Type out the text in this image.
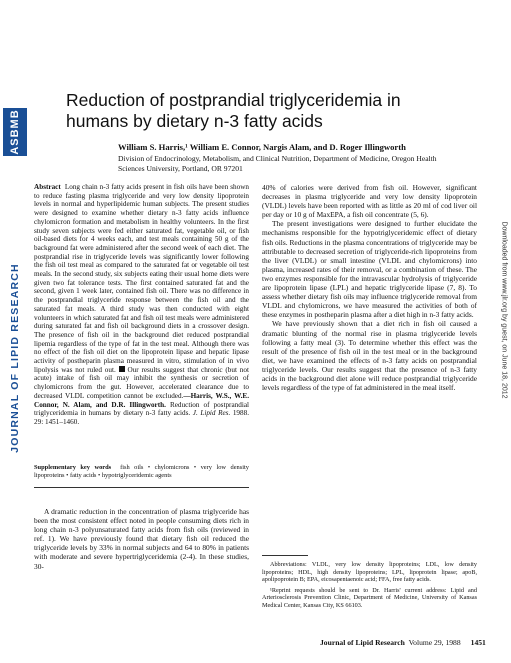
ASBMB
JOURNAL OF LIPID RESEARCH	Downloaded from www.jlr.org by guest, on June 18, 2012
Reduction of postprandial triglyceridemia in humans by dietary n-3 fatty acids
William S. Harris,¹ William E. Connor, Nargis Alam, and D. Roger Illingworth
Division of Endocrinology, Metabolism, and Clinical Nutrition, Department of Medicine, Oregon Health Sciences University, Portland, OR 97201

Abstract Long chain n-3 fatty acids present in fish oils have been shown to reduce fasting plasma triglyceride and very low density lipoprotein levels in normal and hyperlipidemic human subjects. The present studies were designed to examine whether dietary n-3 fatty acids influence chylomicron formation and metabolism in healthy volunteers. In the first study seven subjects were fed either saturated fat, vegetable oil, or fish oil-based diets for 4 weeks each, and test meals containing 50 g of the background fat were administered after the second week of each diet. The postprandial rise in triglyceride levels was significantly lower following the fish oil test meal as compared to the saturated fat or vegetable oil test meals. In the second study, six subjects eating their usual home diets were given two fat tolerance tests. The first contained saturated fat and the second, given 1 week later, contained fish oil. There was no difference in the postprandial triglyceride response between the fish oil and the saturated fat meals. A third study was then conducted with eight volunteers in which saturated fat and fish oil test meals were administered during saturated fat and fish oil background diets in a crossover design. The presence of fish oil in the background diet reduced postprandial lipemia regardless of the type of fat in the test meal. Although there was no effect of the fish oil diet on the lipoprotein lipase and hepatic lipase activity of postheparin plasma measured in vitro, stimulation of in vivo lipolysis was not ruled out. Our results suggest that chronic (but not acute) intake of fish oil may inhibit the synthesis or secretion of chylomicrons from the gut. However, accelerated clearance due to decreased VLDL competition cannot be excluded.—Harris, W.S., W.E. Connor, N. Alam, and D.R. Illingworth. Reduction of postprandial triglyceridemia in humans by dietary n-3 fatty acids. J. Lipid Res. 1988. 29: 1451–1460.

Supplementary key words fish oils • chylomicrons • very low density lipoproteins • fatty acids • hypotriglyceridemic agents

A dramatic reduction in the concentration of plasma triglyceride has been the most consistent effect noted in people consuming diets rich in long chain n-3 polyunsaturated fatty acids from fish oils (reviewed in ref. 1). We have previously found that dietary fish oil reduced the triglyceride levels by 33% in normal subjects and 64 to 80% in patients with moderate and severe hypertriglyceridemia (2-4). In these studies, 30-

40% of calories were derived from fish oil. However, significant decreases in plasma triglyceride and very low density lipoprotein (VLDL) levels have been reported with as little as 20 ml of cod liver oil per day or 10 g of MaxEPA, a fish oil concentrate (5, 6).

The present investigations were designed to further elucidate the mechanisms responsible for the hypotriglyceridemic effect of dietary fish oils. Reductions in the plasma concentrations of triglyceride may be attributable to decreased secretion of triglyceride-rich lipoproteins from the liver (VLDL) or small intestine (VLDL and chylomicrons) into plasma, increased rates of their removal, or a combination of these. The two enzymes responsible for the intravascular hydrolysis of triglyceride are lipoprotein lipase (LPL) and hepatic triglyceride lipase (7, 8). To assess whether dietary fish oils may influence triglyceride removal from VLDL and chylomicrons, we have measured the activities of both of these enzymes in postheparin plasma after a diet high in n-3 fatty acids.

We have previously shown that a diet rich in fish oil caused a dramatic blunting of the normal rise in plasma triglyceride levels following a fatty meal (3). To determine whether this effect was the result of the presence of fish oil in the test meal or in the background diet, we have examined the effects of n-3 fatty acids on postprandial triglyceride levels. Our results suggest that the presence of n-3 fatty acids in the background diet alone will reduce postprandial triglyceride levels regardless of the type of fat administered in the meal itself.

Abbreviations: VLDL, very low density lipoproteins; LDL, low density lipoproteins; HDL, high density lipoproteins; LPL, lipoprotein lipase; apoB, apolipoprotein B; EPA, eicosapentaenoic acid; FFA, free fatty acids.

¹Reprint requests should be sent to Dr. Harris' current address: Lipid and Arteriosclerosis Prevention Clinic, Department of Medicine, University of Kansas Medical Center, Kansas City, KS 66103.

Journal of Lipid Research Volume 29, 1988 1451
